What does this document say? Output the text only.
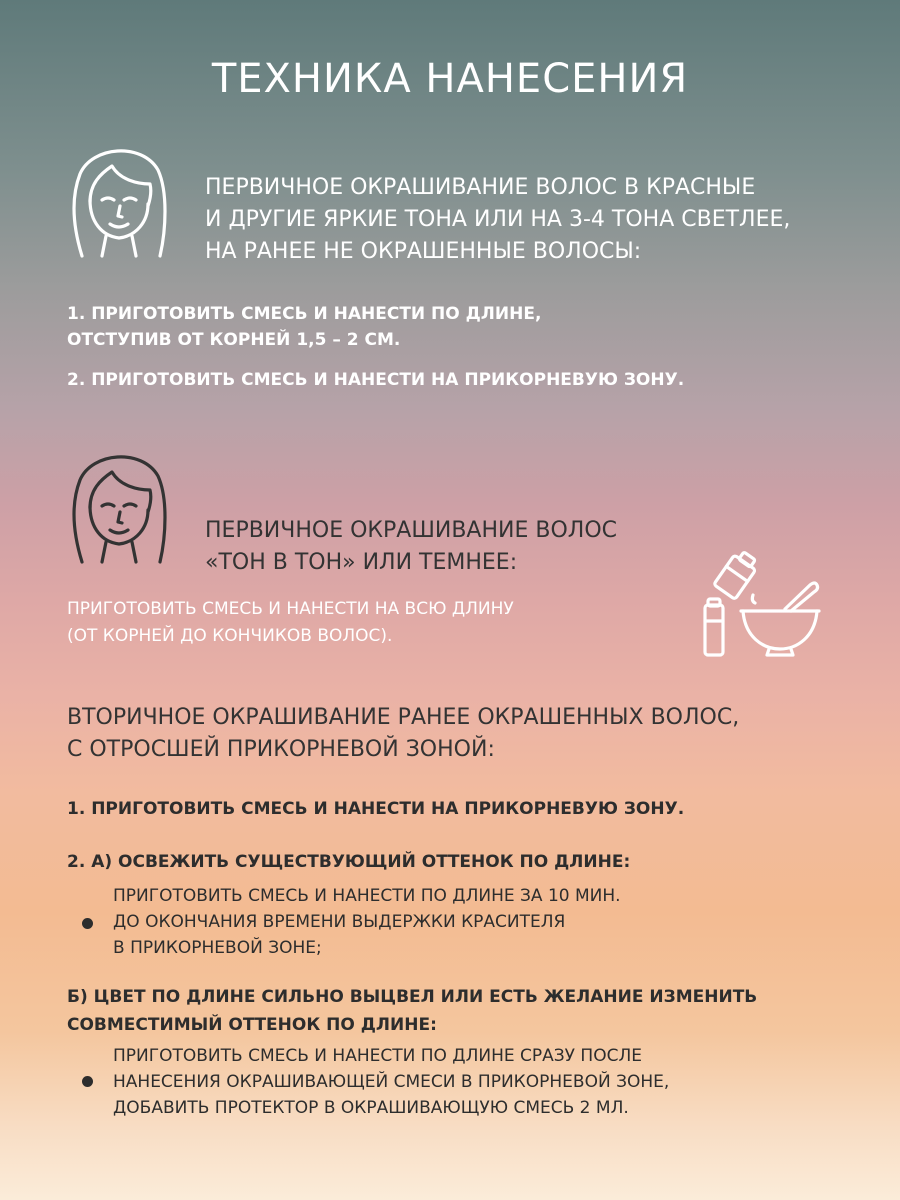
ТЕХНИКА НАНЕСЕНИЯ
ПЕРВИЧНОЕ ОКРАШИВАНИЕ ВОЛОС В КРАСНЫЕ
И ДРУГИЕ ЯРКИЕ ТОНА ИЛИ НА 3-4 ТОНА СВЕТЛЕЕ,
НА РАНЕЕ НЕ ОКРАШЕННЫЕ ВОЛОСЫ:
1. ПРИГОТОВИТЬ СМЕСЬ И НАНЕСТИ ПО ДЛИНЕ,
ОТСТУПИВ ОТ КОРНЕЙ 1,5 – 2 СМ.
2. ПРИГОТОВИТЬ СМЕСЬ И НАНЕСТИ НА ПРИКОРНЕВУЮ ЗОНУ.
ПЕРВИЧНОЕ ОКРАШИВАНИЕ ВОЛОС
«ТОН В ТОН» ИЛИ ТЕМНЕЕ:
ПРИГОТОВИТЬ СМЕСЬ И НАНЕСТИ НА ВСЮ ДЛИНУ
(ОТ КОРНЕЙ ДО КОНЧИКОВ ВОЛОС).
ВТОРИЧНОЕ ОКРАШИВАНИЕ РАНЕЕ ОКРАШЕННЫХ ВОЛОС,
С ОТРОСШЕЙ ПРИКОРНЕВОЙ ЗОНОЙ:
1. ПРИГОТОВИТЬ СМЕСЬ И НАНЕСТИ НА ПРИКОРНЕВУЮ ЗОНУ.
2. А) ОСВЕЖИТЬ СУЩЕСТВУЮЩИЙ ОТТЕНОК ПО ДЛИНЕ:
ПРИГОТОВИТЬ СМЕСЬ И НАНЕСТИ ПО ДЛИНЕ ЗА 10 МИН.
ДО ОКОНЧАНИЯ ВРЕМЕНИ ВЫДЕРЖКИ КРАСИТЕЛЯ
В ПРИКОРНЕВОЙ ЗОНЕ;
Б) ЦВЕТ ПО ДЛИНЕ СИЛЬНО ВЫЦВЕЛ ИЛИ ЕСТЬ ЖЕЛАНИЕ ИЗМЕНИТЬ
СОВМЕСТИМЫЙ ОТТЕНОК ПО ДЛИНЕ:
ПРИГОТОВИТЬ СМЕСЬ И НАНЕСТИ ПО ДЛИНЕ СРАЗУ ПОСЛЕ
НАНЕСЕНИЯ ОКРАШИВАЮЩЕЙ СМЕСИ В ПРИКОРНЕВОЙ ЗОНЕ,
ДОБАВИТЬ ПРОТЕКТОР В ОКРАШИВАЮЩУЮ СМЕСЬ 2 МЛ.
